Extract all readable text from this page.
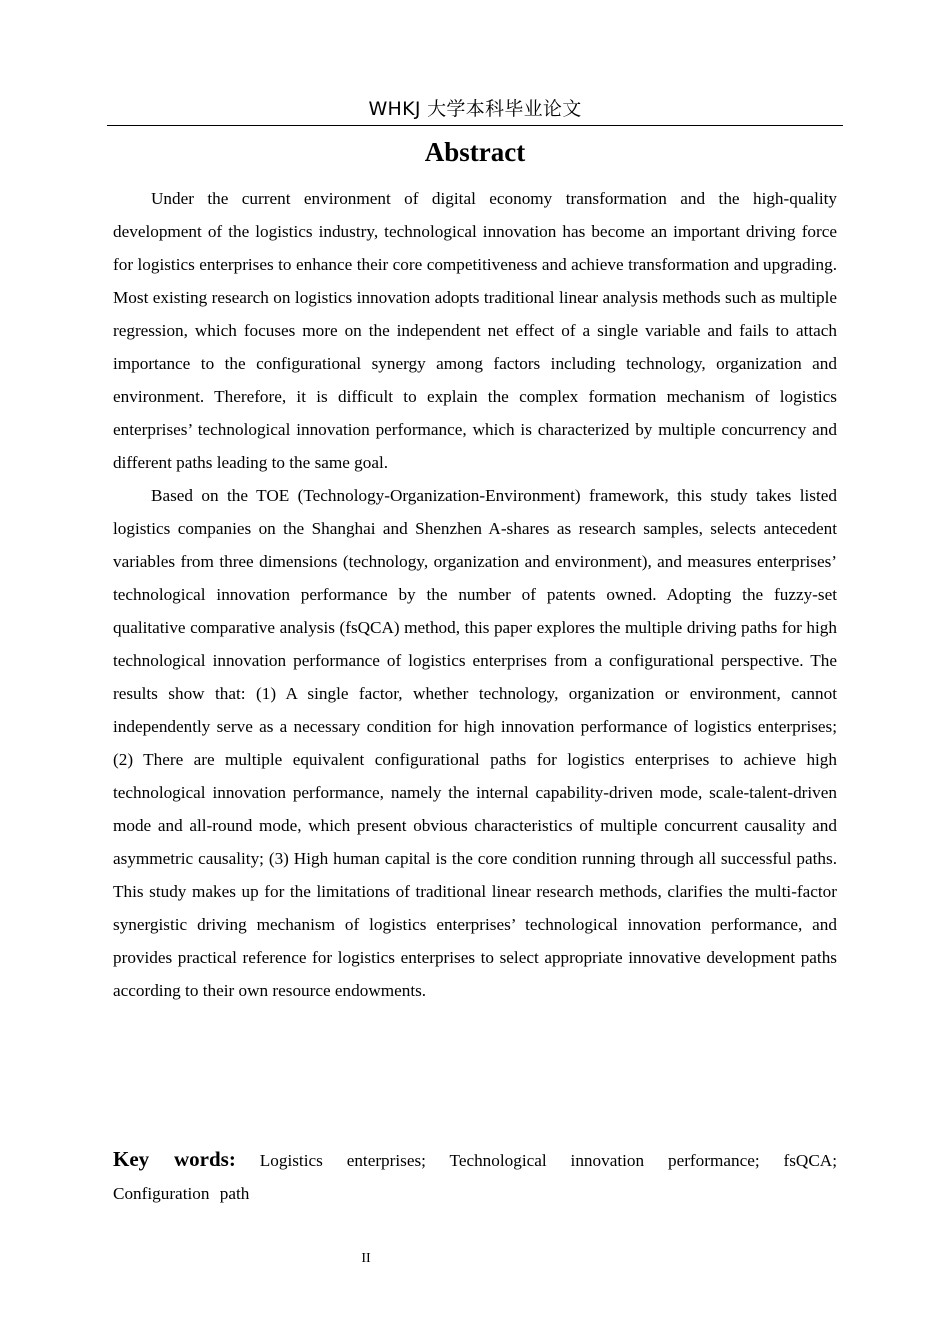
WHKJ 大学本科毕业论文
Abstract

Under the current environment of digital economy transformation and the high-quality development of the logistics industry, technological innovation has become an important driving force for logistics enterprises to enhance their core competitiveness and achieve transformation and upgrading. Most existing research on logistics innovation adopts traditional linear analysis methods such as multiple regression, which focuses more on the independent net effect of a single variable and fails to attach importance to the configurational synergy among factors including technology, organization and environment. Therefore, it is difficult to explain the complex formation mechanism of logistics enterprises’ technological innovation performance, which is characterized by multiple concurrency and different paths leading to the same goal.

Based on the TOE (Technology-Organization-Environment) framework, this study takes listed logistics companies on the Shanghai and Shenzhen A-shares as research samples, selects antecedent variables from three dimensions (technology, organization and environment), and measures enterprises’ technological innovation performance by the number of patents owned. Adopting the fuzzy-set qualitative comparative analysis (fsQCA) method, this paper explores the multiple driving paths for high technological innovation performance of logistics enterprises from a configurational perspective. The results show that: (1) A single factor, whether technology, organization or environment, cannot independently serve as a necessary condition for high innovation performance of logistics enterprises; (2) There are multiple equivalent configurational paths for logistics enterprises to achieve high technological innovation performance, namely the internal capability-driven mode, scale-talent-driven mode and all-round mode, which present obvious characteristics of multiple concurrent causality and asymmetric causality; (3) High human capital is the core condition running through all successful paths. This study makes up for the limitations of traditional linear research methods, clarifies the multi-factor synergistic driving mechanism of logistics enterprises’ technological innovation performance, and provides practical reference for logistics enterprises to select appropriate innovative development paths according to their own resource endowments.

Key words: Logistics enterprises; Technological innovation performance; fsQCA; Configuration path
II
